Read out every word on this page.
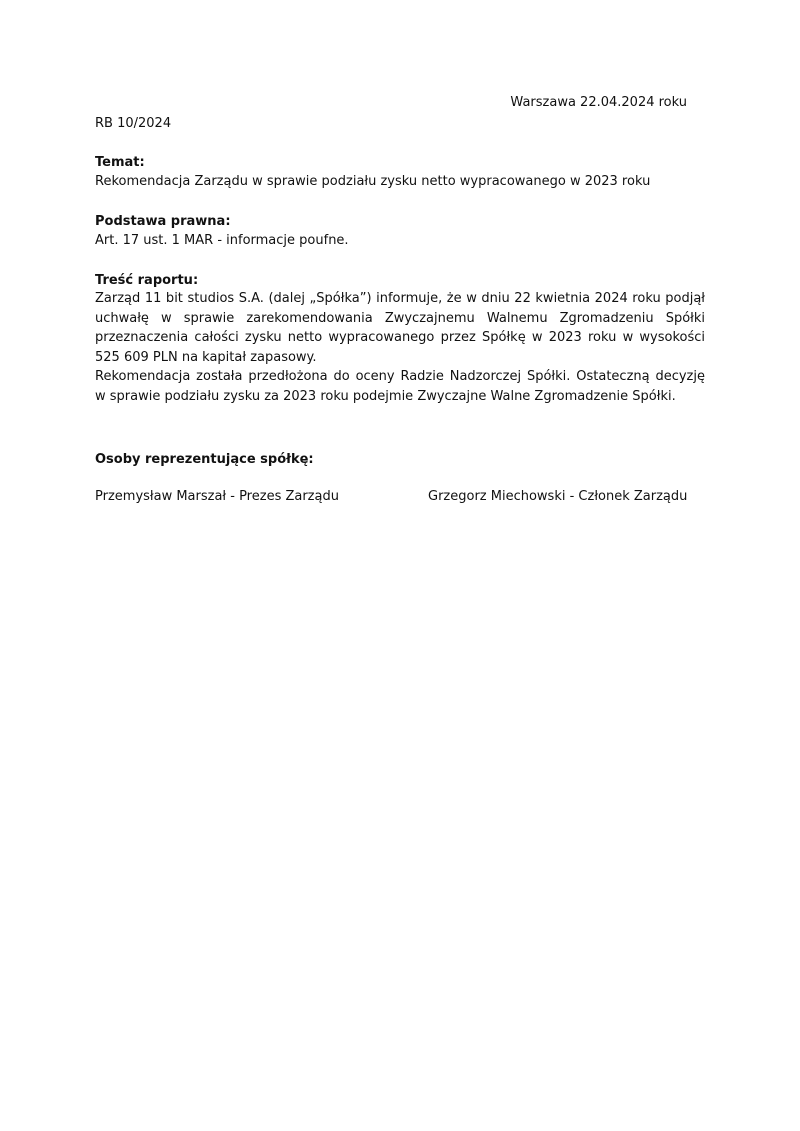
Warszawa 22.04.2024 roku
RB 10/2024
Temat:
Rekomendacja Zarządu w sprawie podziału zysku netto wypracowanego w 2023 roku
Podstawa prawna:
Art. 17 ust. 1 MAR - informacje poufne.
Treść raportu:
Zarząd 11 bit studios S.A. (dalej „Spółka”) informuje, że w dniu 22 kwietnia 2024 roku podjął
uchwałę w sprawie zarekomendowania Zwyczajnemu Walnemu Zgromadzeniu Spółki
przeznaczenia całości zysku netto wypracowanego przez Spółkę w 2023 roku w wysokości
525 609 PLN na kapitał zapasowy.
Rekomendacja została przedłożona do oceny Radzie Nadzorczej Spółki. Ostateczną decyzję
w sprawie podziału zysku za 2023 roku podejmie Zwyczajne Walne Zgromadzenie Spółki.
Osoby reprezentujące spółkę:
Przemysław Marszał - Prezes Zarządu	Grzegorz Miechowski - Członek Zarządu
